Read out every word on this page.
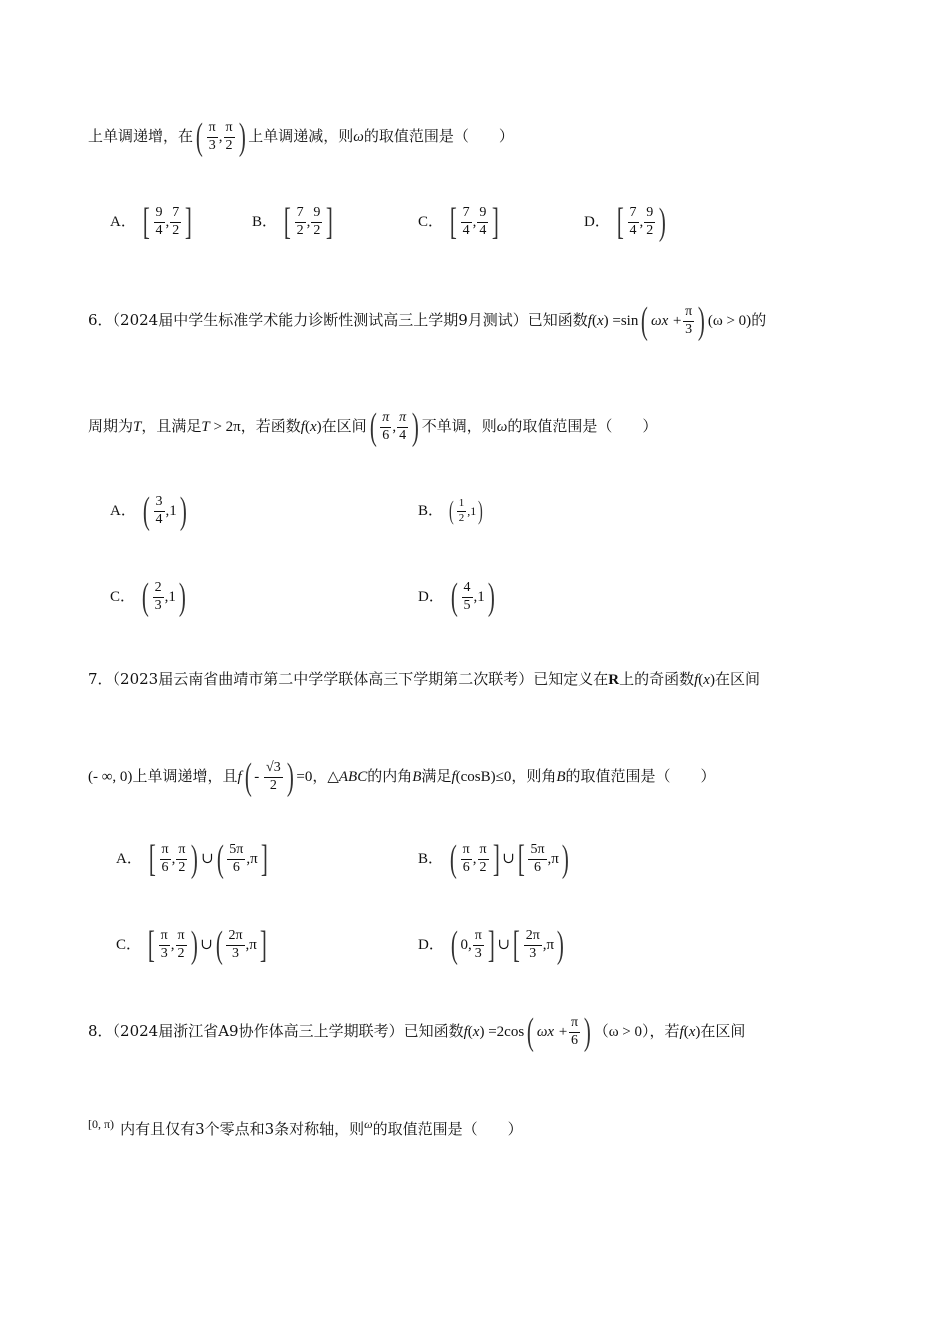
上单调递增，在( $\frac{\pi}{3}$ , $\frac{\pi}{2}$ ) 上单调递减，则ω的取值范围是（　　）
A． [ $\frac{9}{4}$ , $\frac{7}{2}$ ]	B． [ $\frac{7}{2}$ , $\frac{9}{2}$ ]	C． [ $\frac{7}{4}$ , $\frac{9}{4}$ ]	D． [ $\frac{7}{4}$ , $\frac{9}{2}$ )
6．（2024届中学生标准学术能力诊断性测试高三上学期9月测试）已知函数f(x) =sin( $\omega x + \frac{\pi}{3}$ ) (ω > 0)的
周期为T，且满足T > 2π，若函数f(x)在区间( $\frac{\pi}{6}$ , $\frac{\pi}{4}$ ) 不单调，则ω的取值范围是（　　）
A． ( $\frac{3}{4} ,1$)	B． ( $\frac{1}{2} ,1$)
C． ( $\frac{2}{3} ,1$)	D． ( $\frac{4}{5} ,1$)
7．（2023届云南省曲靖市第二中学学联体高三下学期第二次联考）已知定义在R上的奇函数f(x)在区间
(- ∞, 0)上单调递增，且$f( - \frac{√3}{2}$ ) =0，△ABC的内角B满足f(cosB)≤0，则角B的取值范围是（　　）
A． [ $\frac{\pi}{6}$ , $\frac{\pi}{2}$ ) ∪( $\frac{5\pi}{6} ,\pi$]	B． ( $\frac{\pi}{6}$ , $\frac{\pi}{2}$ ] ∪[ $\frac{5\pi}{6} ,\pi$)
C． [ $\frac{\pi}{3}$ , $\frac{\pi}{2}$ ) ∪( $\frac{2\pi}{3} ,\pi$]	D． ( 0, $\frac{\pi}{3}$ ] ∪[ $\frac{2\pi}{3} ,\pi$)
8．（2024届浙江省A9协作体高三上学期联考）已知函数f(x) =2cos( $\omega x + \frac{\pi}{6}$ ) （ω > 0），若f(x)在区间
$^{[0, \pi)}$ 内有且仅有3个零点和3条对称轴，则$^\omega$的取值范围是（　　）
